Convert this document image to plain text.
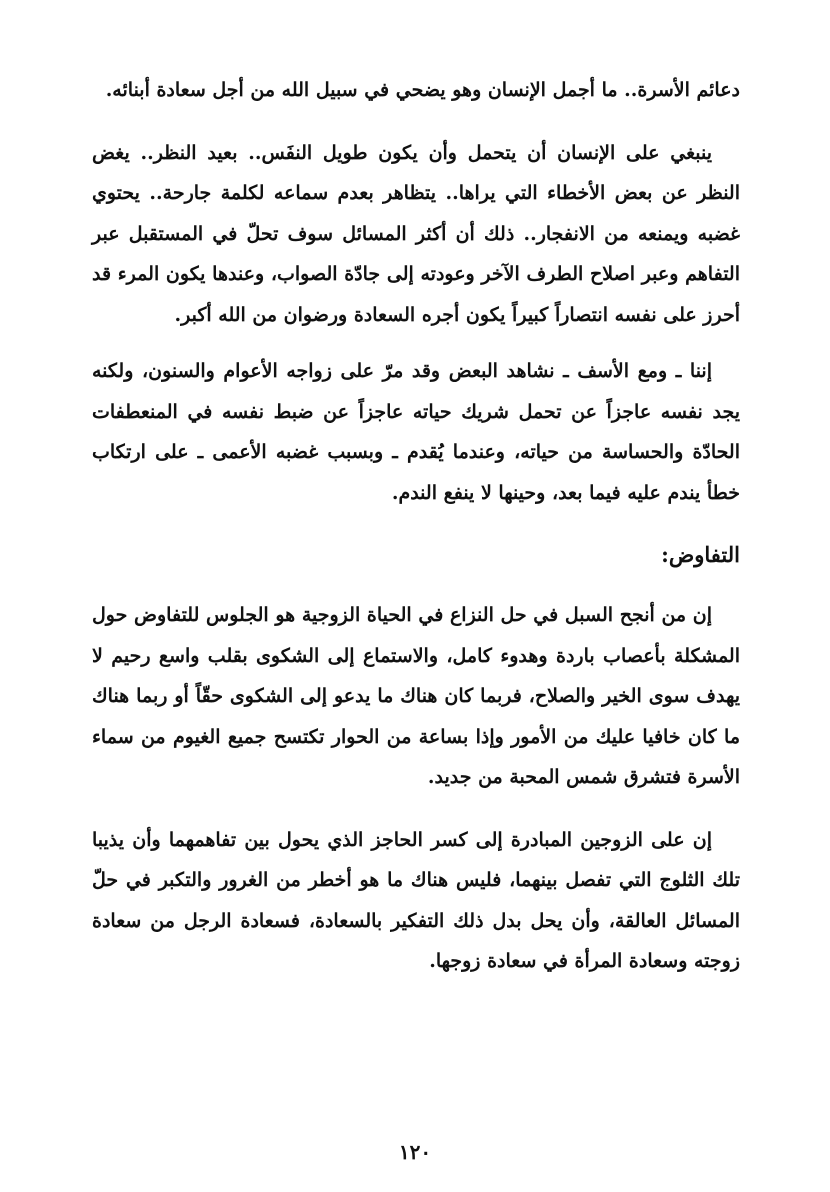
دعائم الأسرة.. ما أجمل الإنسان وهو يضحي في سبيل الله من أجل سعادة أبنائه.

ينبغي على الإنسان أن يتحمل وأن يكون طويل النفَس.. بعيد النظر.. يغض النظر عن بعض الأخطاء التي يراها.. يتظاهر بعدم سماعه لكلمة جارحة.. يحتوي غضبه ويمنعه من الانفجار.. ذلك أن أكثر المسائل سوف تحلّ في المستقبل عبر التفاهم وعبر اصلاح الطرف الآخر وعودته إلى جادّة الصواب، وعندها يكون المرء قد أحرز على نفسه انتصاراً كبيراً يكون أجره السعادة ورضوان من الله أكبر.

إننا ـ ومع الأسف ـ نشاهد البعض وقد مرّ على زواجه الأعوام والسنون، ولكنه يجد نفسه عاجزاً عن تحمل شريك حياته عاجزاً عن ضبط نفسه في المنعطفات الحادّة والحساسة من حياته، وعندما يُقدم ـ وبسبب غضبه الأعمى ـ على ارتكاب خطأ يندم عليه فيما بعد، وحينها لا ينفع الندم.

التفاوض:

إن من أنجح السبل في حل النزاع في الحياة الزوجية هو الجلوس للتفاوض حول المشكلة بأعصاب باردة وهدوء كامل، والاستماع إلى الشكوى بقلب واسع رحيم لا يهدف سوى الخير والصلاح، فربما كان هناك ما يدعو إلى الشكوى حقّاً أو ربما هناك ما كان خافيا عليك من الأمور وإذا بساعة من الحوار تكتسح جميع الغيوم من سماء الأسرة فتشرق شمس المحبة من جديد.

إن على الزوجين المبادرة إلى كسر الحاجز الذي يحول بين تفاهمهما وأن يذيبا تلك الثلوج التي تفصل بينهما، فليس هناك ما هو أخطر من الغرور والتكبر في حلّ المسائل العالقة، وأن يحل بدل ذلك التفكير بالسعادة، فسعادة الرجل من سعادة زوجته وسعادة المرأة في سعادة زوجها.

١٢٠
